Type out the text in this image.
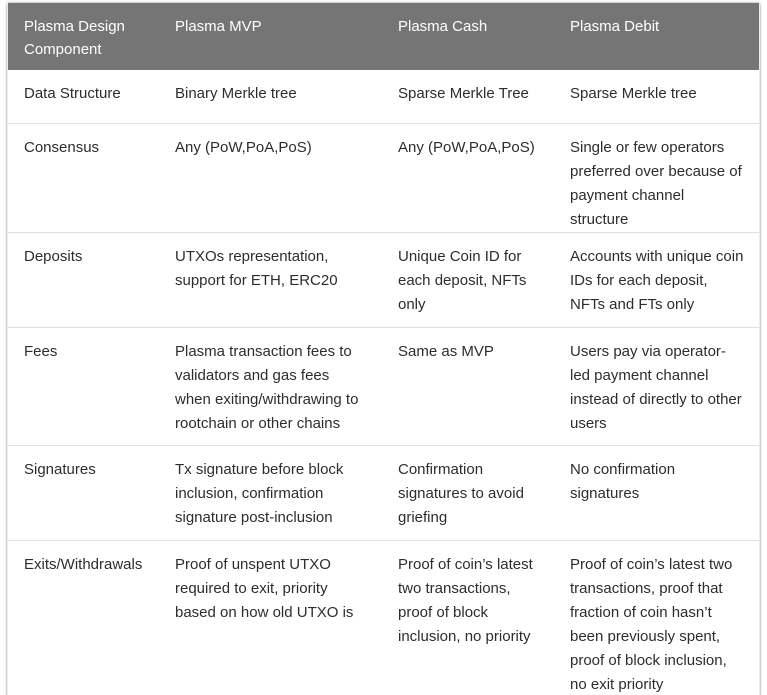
Plasma Design Component	Plasma MVP	Plasma Cash	Plasma Debit
Data Structure	Binary Merkle tree	Sparse Merkle Tree	Sparse Merkle tree
Consensus	Any (PoW,PoA,PoS)	Any (PoW,PoA,PoS)	Single or few operators preferred over because of payment channel structure
Deposits	UTXOs representation, support for ETH, ERC20	Unique Coin ID for each deposit, NFTs only	Accounts with unique coin IDs for each deposit, NFTs and FTs only
Fees	Plasma transaction fees to validators and gas fees when exiting/withdrawing to rootchain or other chains	Same as MVP	Users pay via operator-led payment channel instead of directly to other users
Signatures	Tx signature before block inclusion, confirmation signature post-inclusion	Confirmation signatures to avoid griefing	No confirmation signatures
Exits/Withdrawals	Proof of unspent UTXO required to exit, priority based on how old UTXO is	Proof of coin’s latest two transactions, proof of block inclusion, no priority	Proof of coin’s latest two transactions, proof that fraction of coin hasn’t been previously spent, proof of block inclusion, no exit priority
